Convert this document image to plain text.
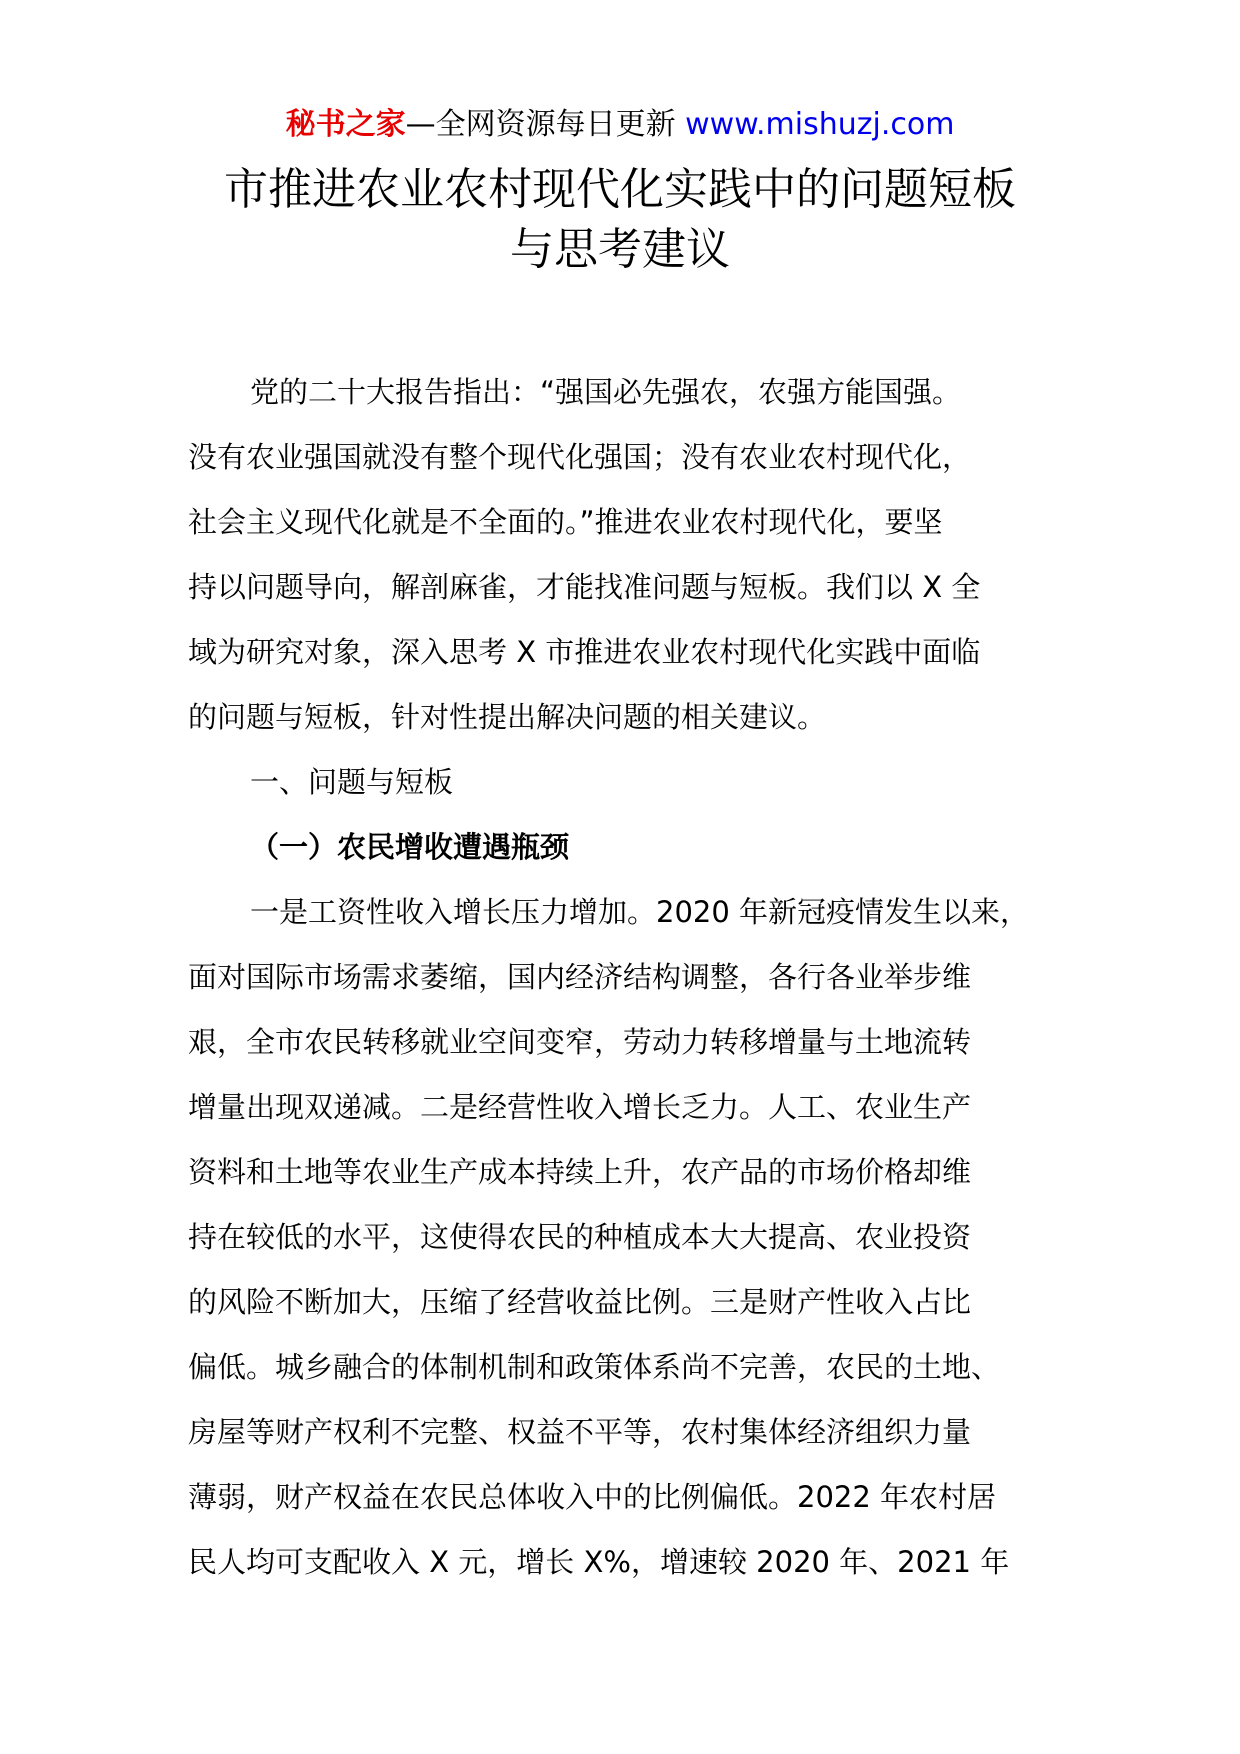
秘书之家—全网资源每日更新 www.mishuzj.com
市推进农业农村现代化实践中的问题短板
与思考建议

党的二十大报告指出：“强国必先强农，农强方能国强。
没有农业强国就没有整个现代化强国；没有农业农村现代化，
社会主义现代化就是不全面的。”推进农业农村现代化，要坚
持以问题导向，解剖麻雀，才能找准问题与短板。我们以 X 全
域为研究对象，深入思考 X 市推进农业农村现代化实践中面临
的问题与短板，针对性提出解决问题的相关建议。

一、问题与短板

（一）农民增收遭遇瓶颈

一是工资性收入增长压力增加。2020 年新冠疫情发生以来，
面对国际市场需求萎缩，国内经济结构调整，各行各业举步维
艰，全市农民转移就业空间变窄，劳动力转移增量与土地流转
增量出现双递减。二是经营性收入增长乏力。人工、农业生产
资料和土地等农业生产成本持续上升，农产品的市场价格却维
持在较低的水平，这使得农民的种植成本大大提高、农业投资
的风险不断加大，压缩了经营收益比例。三是财产性收入占比
偏低。城乡融合的体制机制和政策体系尚不完善，农民的土地、
房屋等财产权利不完整、权益不平等，农村集体经济组织力量
薄弱，财产权益在农民总体收入中的比例偏低。2022 年农村居
民人均可支配收入 X 元，增长 X%，增速较 2020 年、2021 年
